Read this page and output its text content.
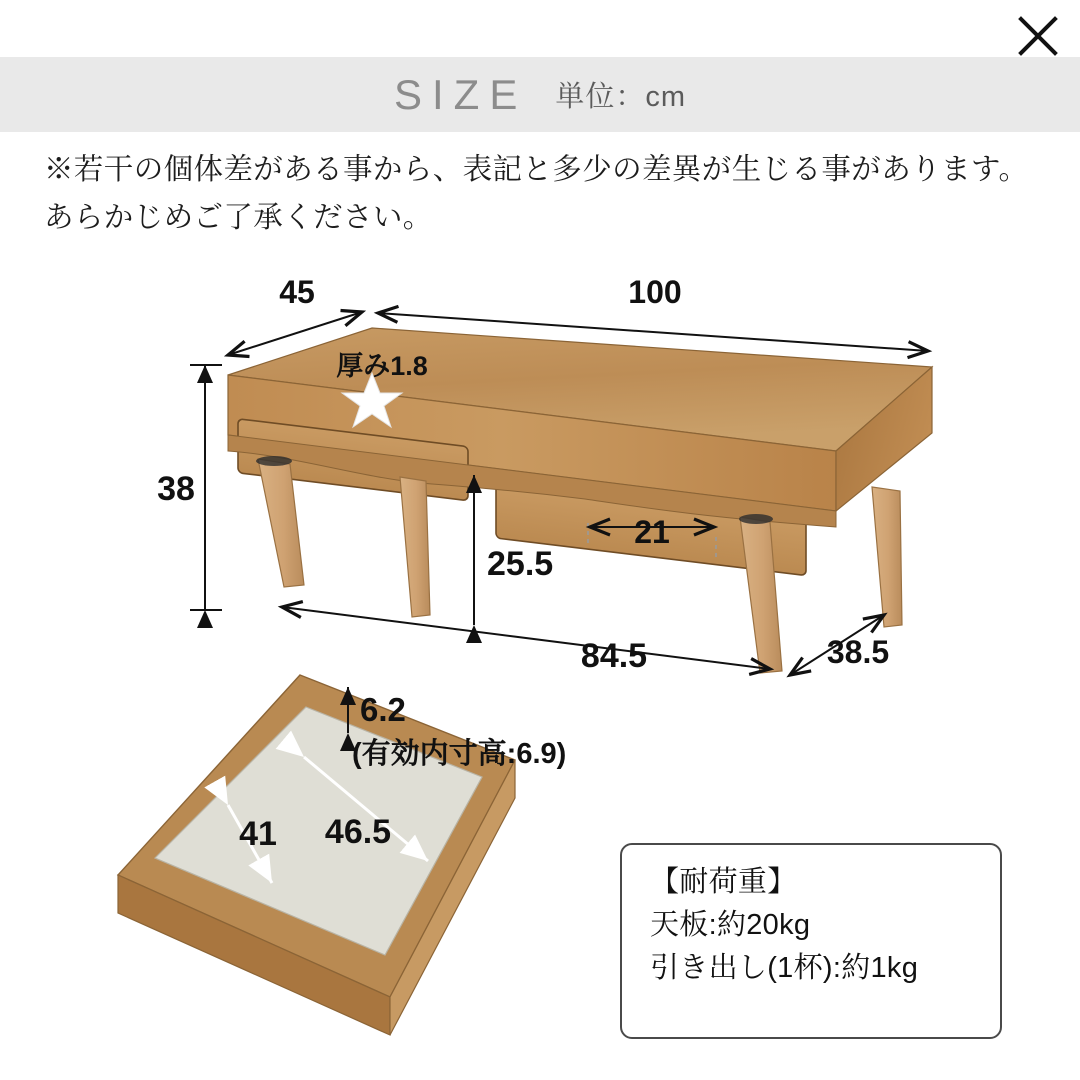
SIZE 単位：cm
※若干の個体差がある事から、表記と多少の差異が生じる事があります。
あらかじめご了承ください。
厚み1.8
45	100
38
25.5
21
84.5	38.5
6.2
(有効内寸高:6.9)
41 46.5
【耐荷重】
天板:約20kg
引き出し(1杯):約1kg
